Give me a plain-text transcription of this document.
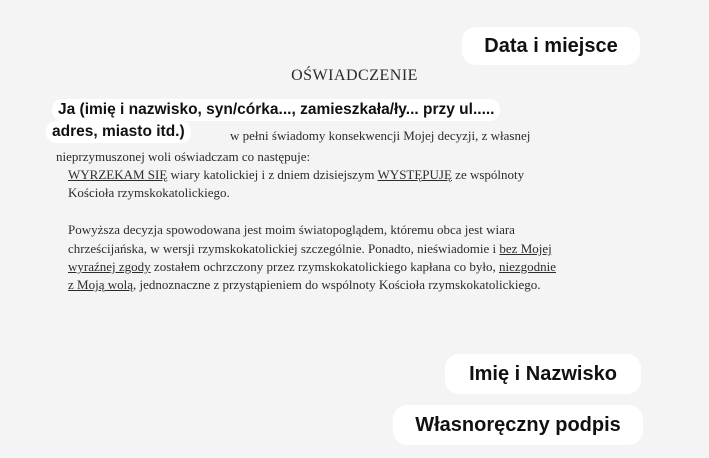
Data i miejsce
OŚWIADCZENIE
Ja (imię i nazwisko, syn/córka..., zamieszkała/ły... przy ul.....
adres, miasto itd.)	w pełni świadomy konsekwencji Mojej decyzji, z własnej
nieprzymuszonej woli oświadczam co następuje:
WYRZEKAM SIĘ wiary katolickiej i z dniem dzisiejszym WYSTĘPUJĘ ze wspólnoty
Kościoła rzymskokatolickiego.
Powyższa decyzja spowodowana jest moim światopoglądem, któremu obca jest wiara
chrześcijańska, w wersji rzymskokatolickiej szczególnie. Ponadto, nieświadomie i bez Mojej
wyraźnej zgody zostałem ochrzczony przez rzymskokatolickiego kapłana co było, niezgodnie
z Moją wolą, jednoznaczne z przystąpieniem do wspólnoty Kościoła rzymskokatolickiego.
Imię i Nazwisko
Własnoręczny podpis
